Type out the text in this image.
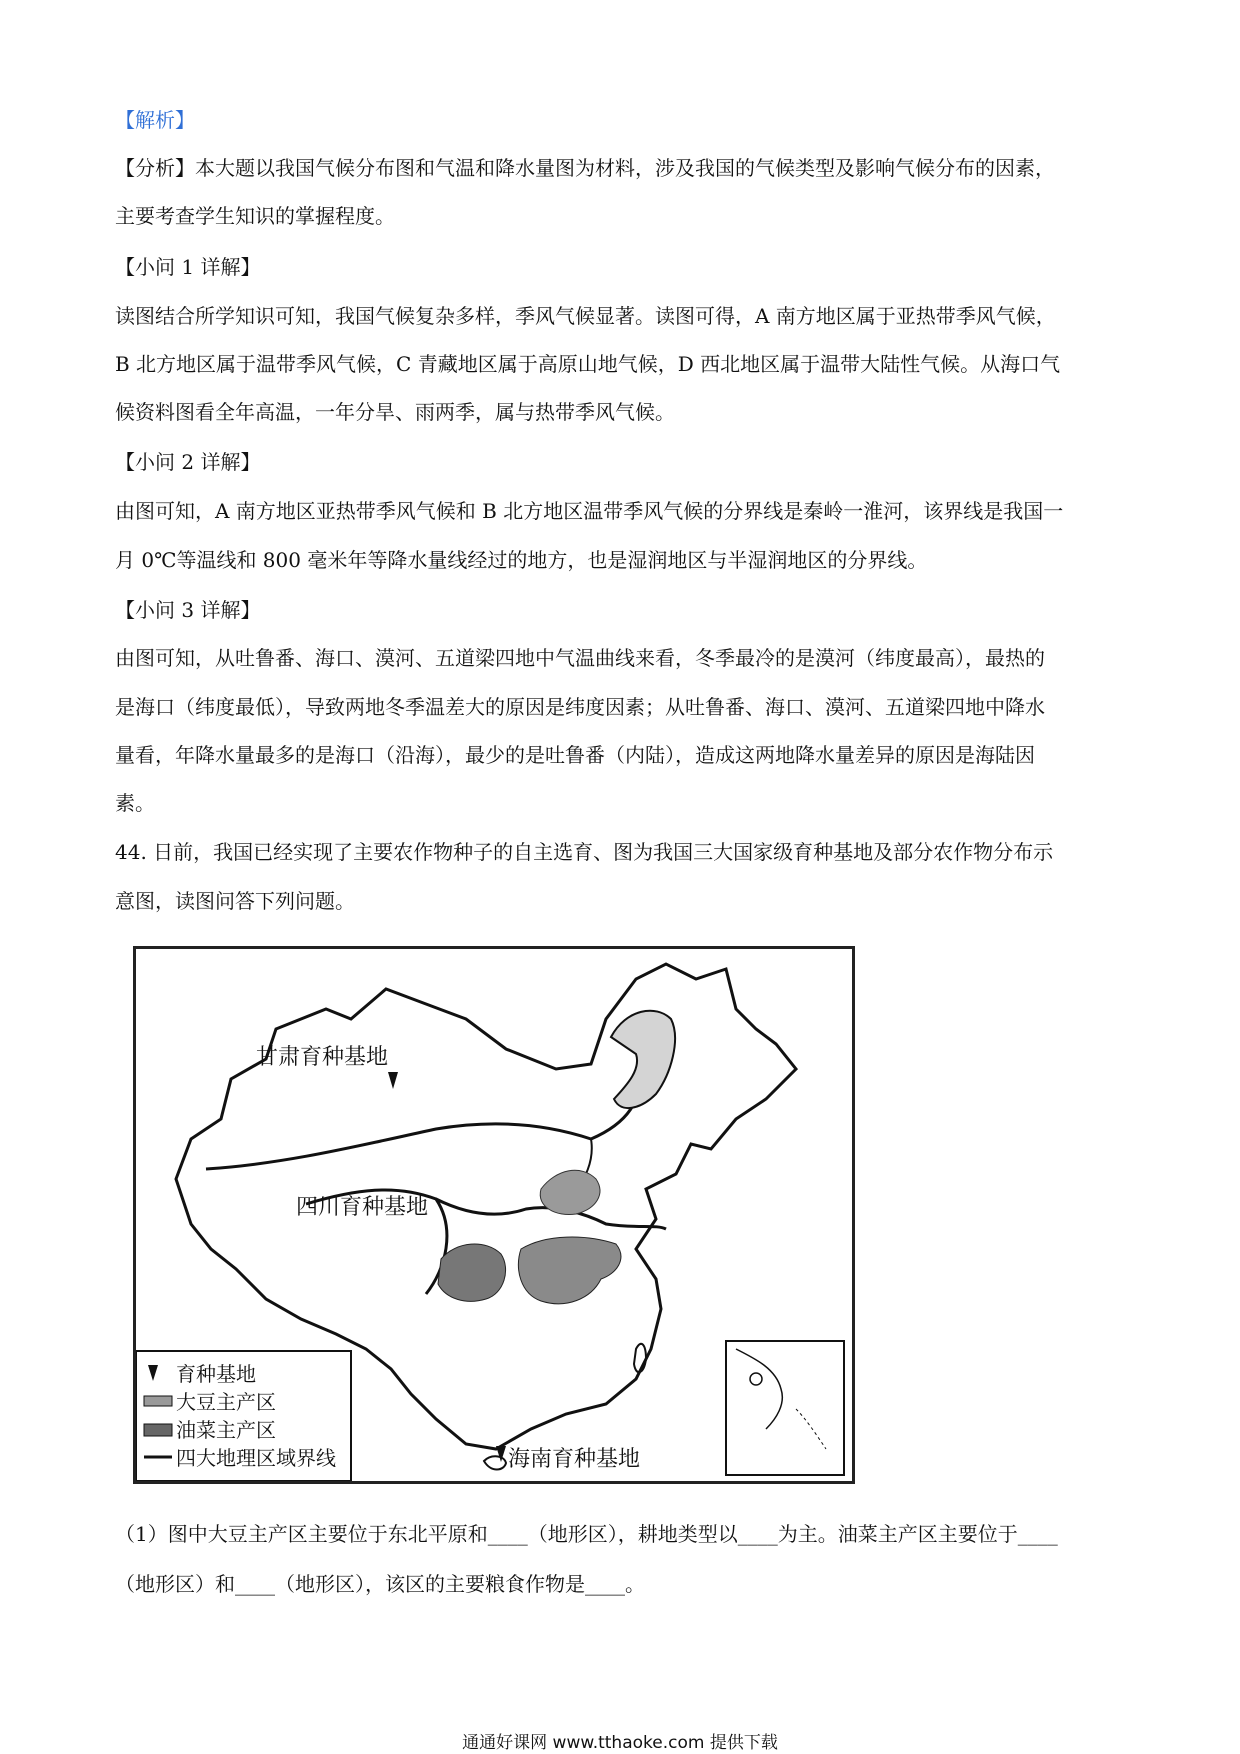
【解析】
【分析】本大题以我国气候分布图和气温和降水量图为材料，涉及我国的气候类型及影响气候分布的因素，
主要考查学生知识的掌握程度。
【小问 1 详解】
读图结合所学知识可知，我国气候复杂多样，季风气候显著。读图可得，A 南方地区属于亚热带季风气候，
B 北方地区属于温带季风气候，C 青藏地区属于高原山地气候，D 西北地区属于温带大陆性气候。从海口气
候资料图看全年高温，一年分旱、雨两季，属与热带季风气候。
【小问 2 详解】
由图可知，A 南方地区亚热带季风气候和 B 北方地区温带季风气候的分界线是秦岭一淮河，该界线是我国一
月 0℃等温线和 800 毫米年等降水量线经过的地方，也是湿润地区与半湿润地区的分界线。
【小问 3 详解】
由图可知，从吐鲁番、海口、漠河、五道梁四地中气温曲线来看，冬季最冷的是漠河（纬度最高），最热的
是海口（纬度最低），导致两地冬季温差大的原因是纬度因素；从吐鲁番、海口、漠河、五道梁四地中降水
量看，年降水量最多的是海口（沿海），最少的是吐鲁番（内陆），造成这两地降水量差异的原因是海陆因
素。
44. 日前，我国已经实现了主要农作物种子的自主选育、图为我国三大国家级育种基地及部分农作物分布示
意图，读图问答下列问题。
甘肃育种基地
四川育种基地
海南育种基地
育种基地
大豆主产区
油菜主产区
四大地理区域界线
（1）图中大豆主产区主要位于东北平原和____（地形区），耕地类型以____为主。油菜主产区主要位于____
（地形区）和____（地形区），该区的主要粮食作物是____。
通通好课网 www.tthaoke.com 提供下载
